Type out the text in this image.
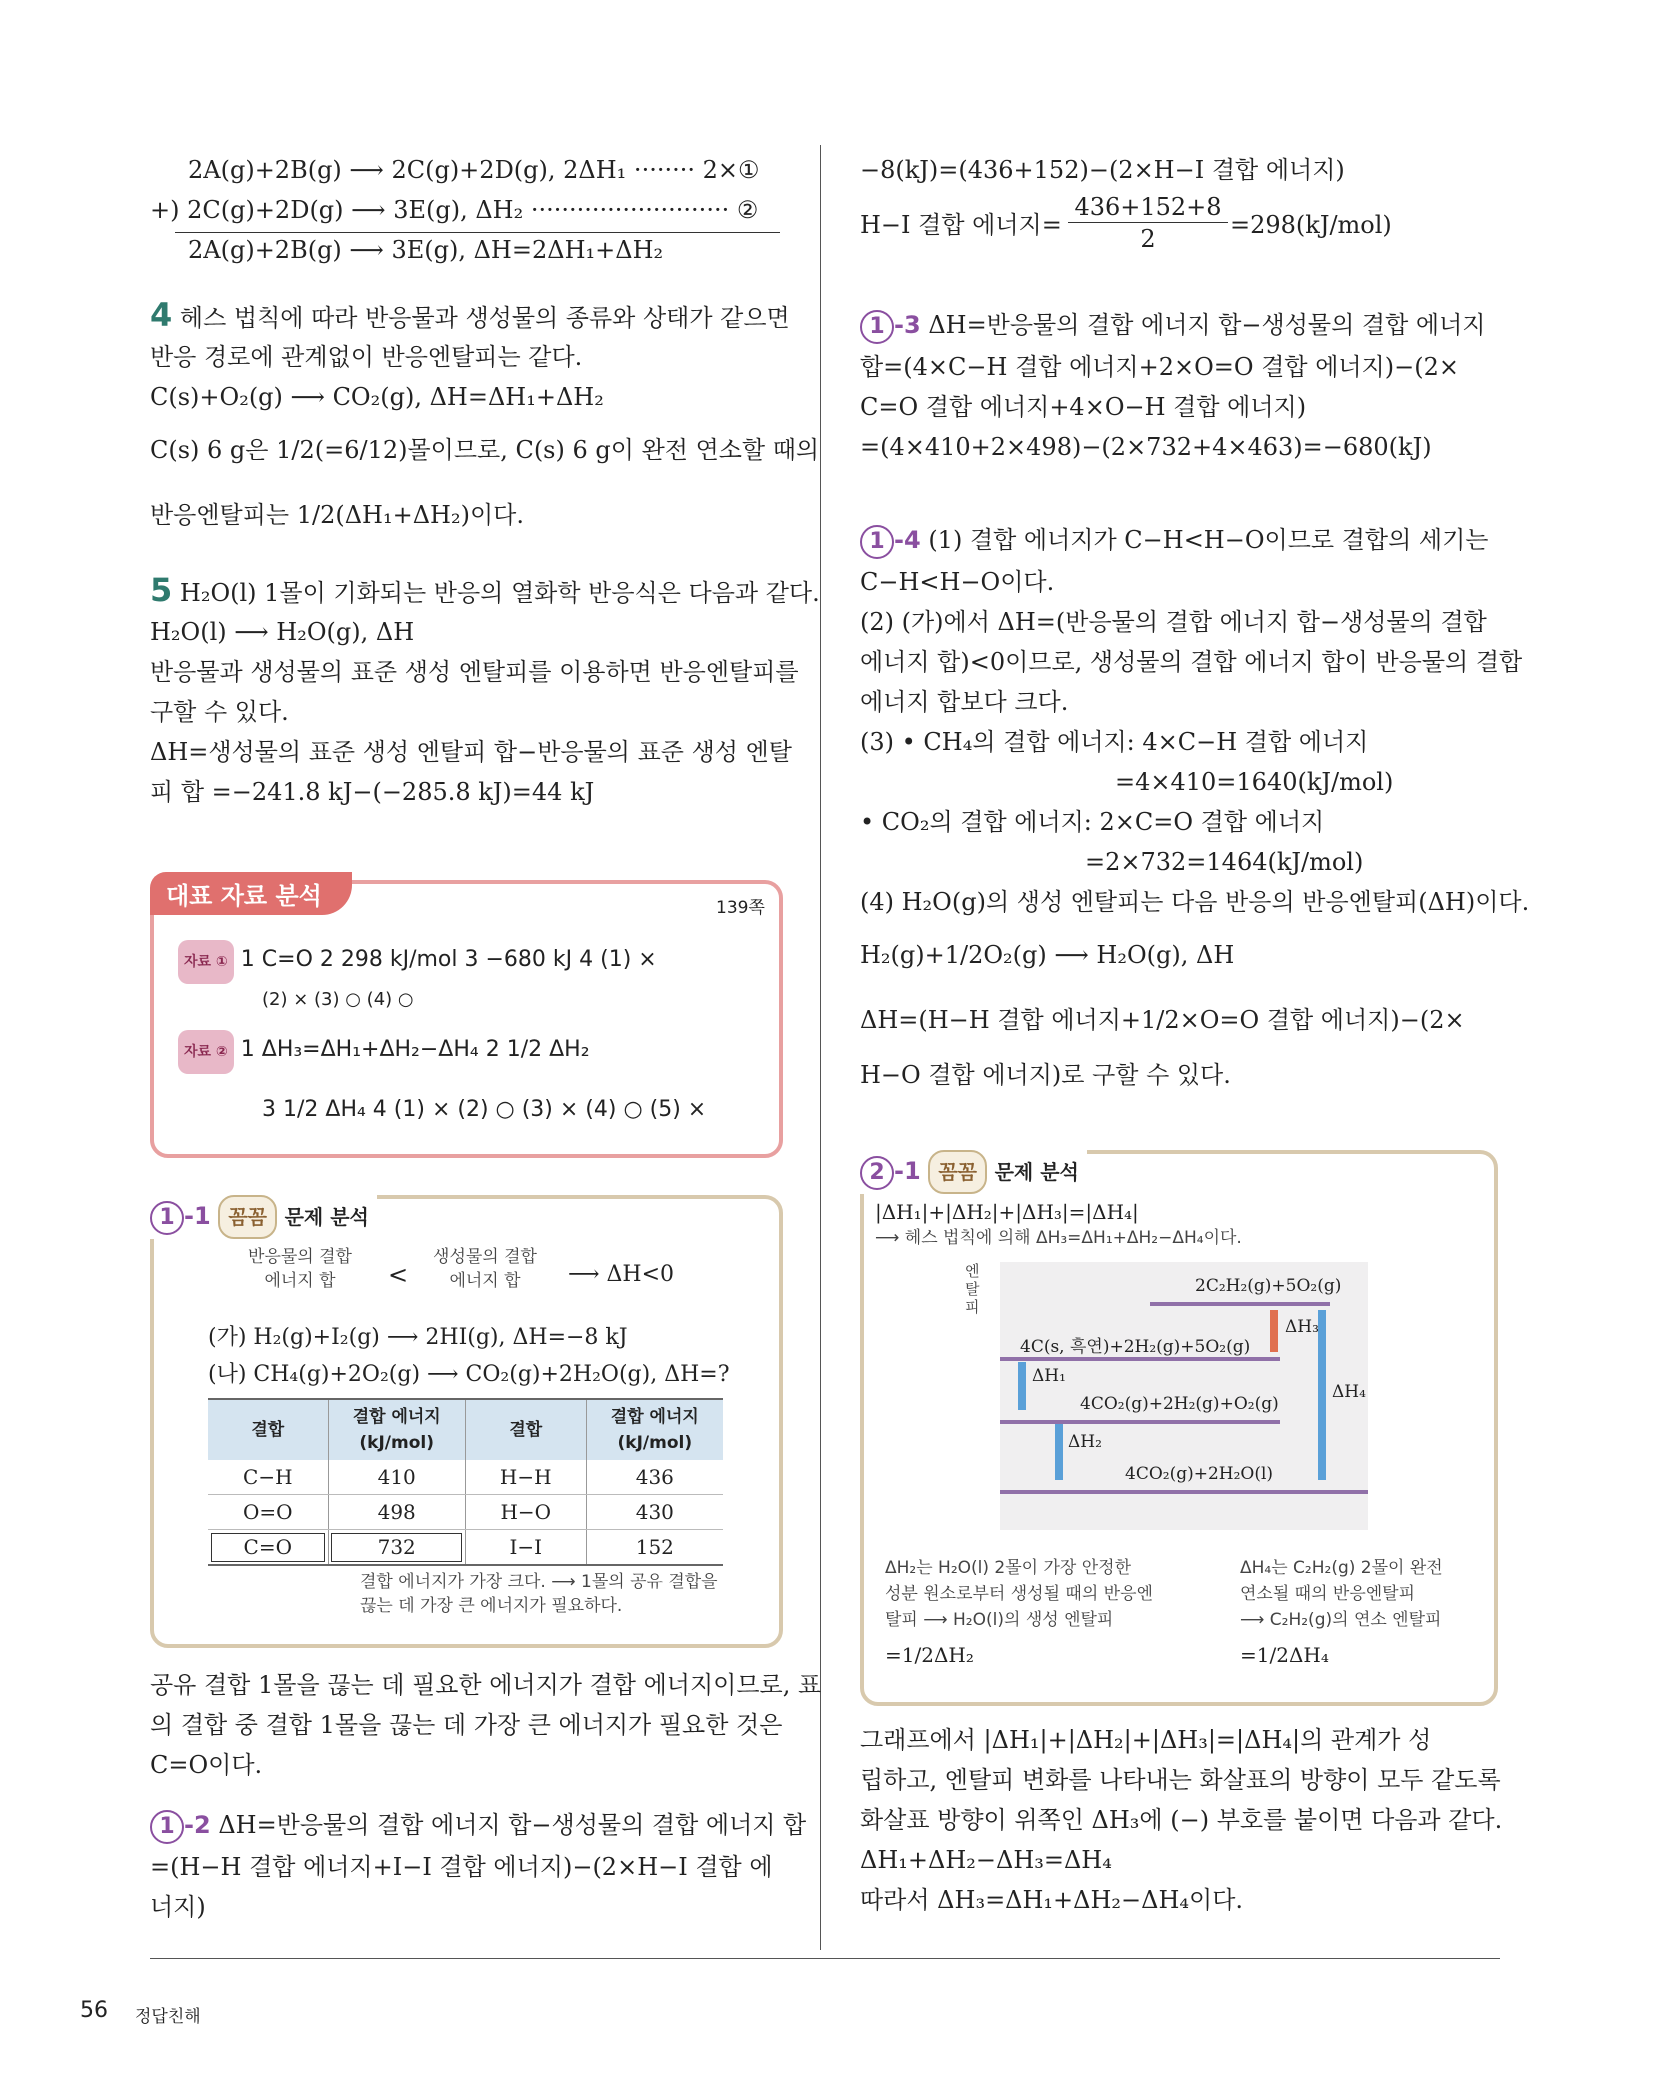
2A(g)+2B(g) ⟶ 2C(g)+2D(g), 2ΔH₁ ········ 2×①
+) 2C(g)+2D(g) ⟶ 3E(g), ΔH₂ ·························· ②
2A(g)+2B(g) ⟶ 3E(g), ΔH=2ΔH₁+ΔH₂
4 헤스 법칙에 따라 반응물과 생성물의 종류와 상태가 같으면
반응 경로에 관계없이 반응엔탈피는 같다.
C(s)+O₂(g) ⟶ CO₂(g), ΔH=ΔH₁+ΔH₂
C(s) 6 g은 1/2(=6/12)몰이므로, C(s) 6 g이 완전 연소할 때의
반응엔탈피는 1/2(ΔH₁+ΔH₂)이다.
5 H₂O(l) 1몰이 기화되는 반응의 열화학 반응식은 다음과 같다.
H₂O(l) ⟶ H₂O(g), ΔH
반응물과 생성물의 표준 생성 엔탈피를 이용하면 반응엔탈피를
구할 수 있다.
ΔH=생성물의 표준 생성 엔탈피 합−반응물의 표준 생성 엔탈
피 합 =−241.8 kJ−(−285.8 kJ)=44 kJ
대표 자료 분석	139쪽
자료 ① 1 C=O 2 298 kJ/mol 3 −680 kJ 4 (1) ×
(2) × (3) ○ (4) ○
자료 ② 1 ΔH₃=ΔH₁+ΔH₂−ΔH₄ 2 1/2 ΔH₂
3 1/2 ΔH₄ 4 (1) × (2) ○ (3) × (4) ○ (5) ×
1 -1 꼼꼼 문제 분석
반응물의 결합 에너지 합	<
생성물의 결합 에너지 합	⟶ ΔH<0
(가) H₂(g)+I₂(g) ⟶ 2HI(g), ΔH=−8 kJ
(나) CH₄(g)+2O₂(g) ⟶ CO₂(g)+2H₂O(g), ΔH=?
결합	결합 에너지 (kJ/mol)	결합	결합 에너지 (kJ/mol)
C−H	410	H−H	436
O=O	498	H−O	430
C=O	732	I−I	152
결합 에너지가 가장 크다. ⟶ 1몰의 공유 결합을
끊는 데 가장 큰 에너지가 필요하다.
공유 결합 1몰을 끊는 데 필요한 에너지가 결합 에너지이므로, 표
의 결합 중 결합 1몰을 끊는 데 가장 큰 에너지가 필요한 것은
C=O이다.
1 -2 ΔH=반응물의 결합 에너지 합−생성물의 결합 에너지 합
=(H−H 결합 에너지+I−I 결합 에너지)−(2×H−I 결합 에
너지)
−8(kJ)=(436+152)−(2×H−I 결합 에너지)
H−I 결합 에너지=
436+152+8
2	=298(kJ/mol)
1 -3 ΔH=반응물의 결합 에너지 합−생성물의 결합 에너지
합=(4×C−H 결합 에너지+2×O=O 결합 에너지)−(2×
C=O 결합 에너지+4×O−H 결합 에너지)
=(4×410+2×498)−(2×732+4×463)=−680(kJ)
1 -4 (1) 결합 에너지가 C−H<H−O이므로 결합의 세기는
C−H<H−O이다.
(2) (가)에서 ΔH=(반응물의 결합 에너지 합−생성물의 결합
에너지 합)<0이므로, 생성물의 결합 에너지 합이 반응물의 결합
에너지 합보다 크다.
(3) • CH₄의 결합 에너지: 4×C−H 결합 에너지
=4×410=1640(kJ/mol)
• CO₂의 결합 에너지: 2×C=O 결합 에너지
=2×732=1464(kJ/mol)
(4) H₂O(g)의 생성 엔탈피는 다음 반응의 반응엔탈피(ΔH)이다.
H₂(g)+1/2O₂(g) ⟶ H₂O(g), ΔH
ΔH=(H−H 결합 에너지+1/2×O=O 결합 에너지)−(2×
H−O 결합 에너지)로 구할 수 있다.
2 -1 꼼꼼 문제 분석
|ΔH₁|+|ΔH₂|+|ΔH₃|=|ΔH₄|
⟶ 헤스 법칙에 의해 ΔH₃=ΔH₁+ΔH₂−ΔH₄이다.
엔탈피
2C₂H₂(g)+5O₂(g)
4C(s, 흑연)+2H₂(g)+5O₂(g)
4CO₂(g)+2H₂(g)+O₂(g)
4CO₂(g)+2H₂O(l)
ΔH₁
ΔH₂
ΔH₃
ΔH₄
ΔH₂는 H₂O(l) 2몰이 가장 안정한
성분 원소로부터 생성될 때의 반응엔
탈피 ⟶ H₂O(l)의 생성 엔탈피
=1/2ΔH₂
ΔH₄는 C₂H₂(g) 2몰이 완전
연소될 때의 반응엔탈피
⟶ C₂H₂(g)의 연소 엔탈피
=1/2ΔH₄
그래프에서 |ΔH₁|+|ΔH₂|+|ΔH₃|=|ΔH₄|의 관계가 성
립하고, 엔탈피 변화를 나타내는 화살표의 방향이 모두 같도록
화살표 방향이 위쪽인 ΔH₃에 (−) 부호를 붙이면 다음과 같다.
ΔH₁+ΔH₂−ΔH₃=ΔH₄
따라서 ΔH₃=ΔH₁+ΔH₂−ΔH₄이다.
56 정답친해
